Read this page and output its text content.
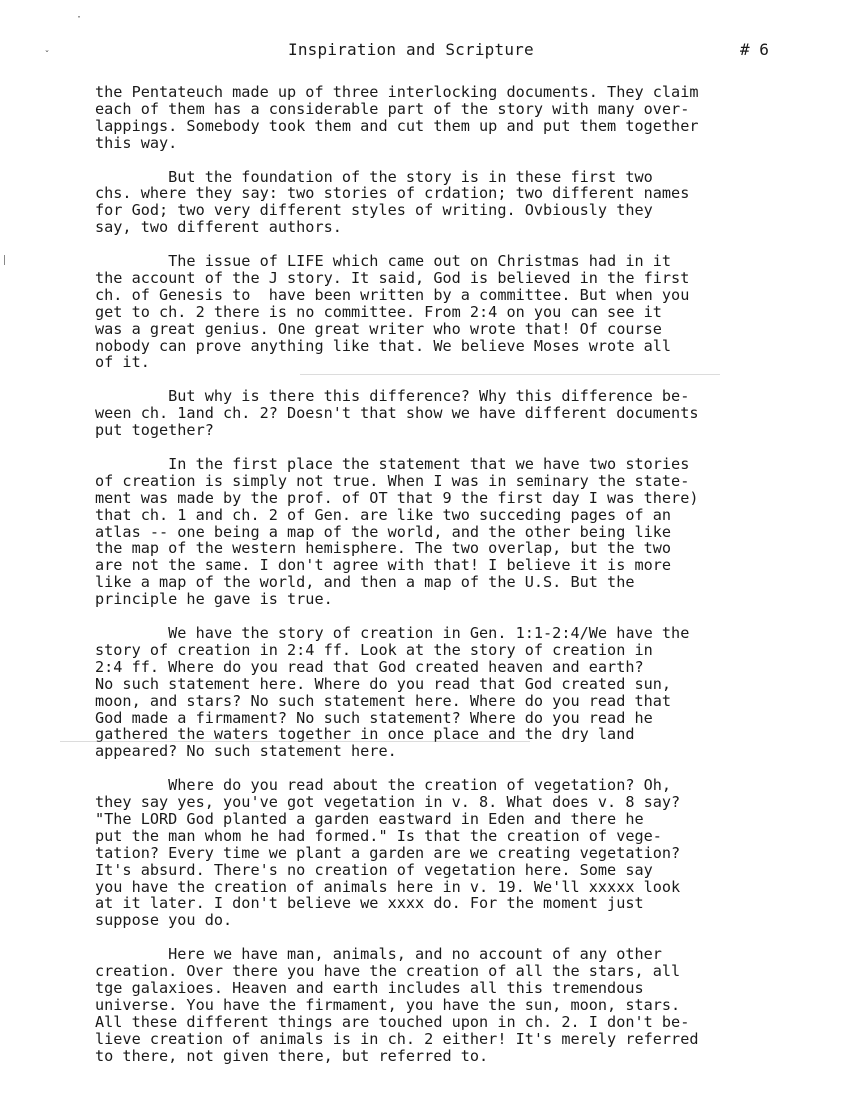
·
ˇ	Inspiration and Scripture	# 6
the Pentateuch made up of three interlocking documents. They claim
each of them has a considerable part of the story with many over-
lappings. Somebody took them and cut them up and put them together
this way.
But the foundation of the story is in these first two
chs. where they say: two stories of crdation; two different names
for God; two very different styles of writing. Ovbiously they
say, two different authors.
The issue of LIFE which came out on Christmas had in it
the account of the J story. It said, God is believed in the first
ch. of Genesis to  have been written by a committee. But when you
get to ch. 2 there is no committee. From 2:4 on you can see it
was a great genius. One great writer who wrote that! Of course
nobody can prove anything like that. We believe Moses wrote all
of it.
But why is there this difference? Why this difference be-
ween ch. 1and ch. 2? Doesn't that show we have different documents
put together?
In the first place the statement that we have two stories
of creation is simply not true. When I was in seminary the state-
ment was made by the prof. of OT that 9 the first day I was there)
that ch. 1 and ch. 2 of Gen. are like two succeding pages of an
atlas -- one being a map of the world, and the other being like
the map of the western hemisphere. The two overlap, but the two
are not the same. I don't agree with that! I believe it is more
like a map of the world, and then a map of the U.S. But the
principle he gave is true.
We have the story of creation in Gen. 1:1-2:4/We have the
story of creation in 2:4 ff. Look at the story of creation in
2:4 ff. Where do you read that God created heaven and earth?
No such statement here. Where do you read that God created sun,
moon, and stars? No such statement here. Where do you read that
God made a firmament? No such statement? Where do you read he
gathered the waters together in once place and the dry land
appeared? No such statement here.
Where do you read about the creation of vegetation? Oh,
they say yes, you've got vegetation in v. 8. What does v. 8 say?
"The LORD God planted a garden eastward in Eden and there he
put the man whom he had formed." Is that the creation of vege-
tation? Every time we plant a garden are we creating vegetation?
It's absurd. There's no creation of vegetation here. Some say
you have the creation of animals here in v. 19. We'll xxxxx look
at it later. I don't believe we xxxx do. For the moment just
suppose you do.
Here we have man, animals, and no account of any other
creation. Over there you have the creation of all the stars, all
tge galaxioes. Heaven and earth includes all this tremendous
universe. You have the firmament, you have the sun, moon, stars.
All these different things are touched upon in ch. 2. I don't be-
lieve creation of animals is in ch. 2 either! It's merely referred
to there, not given there, but referred to.
